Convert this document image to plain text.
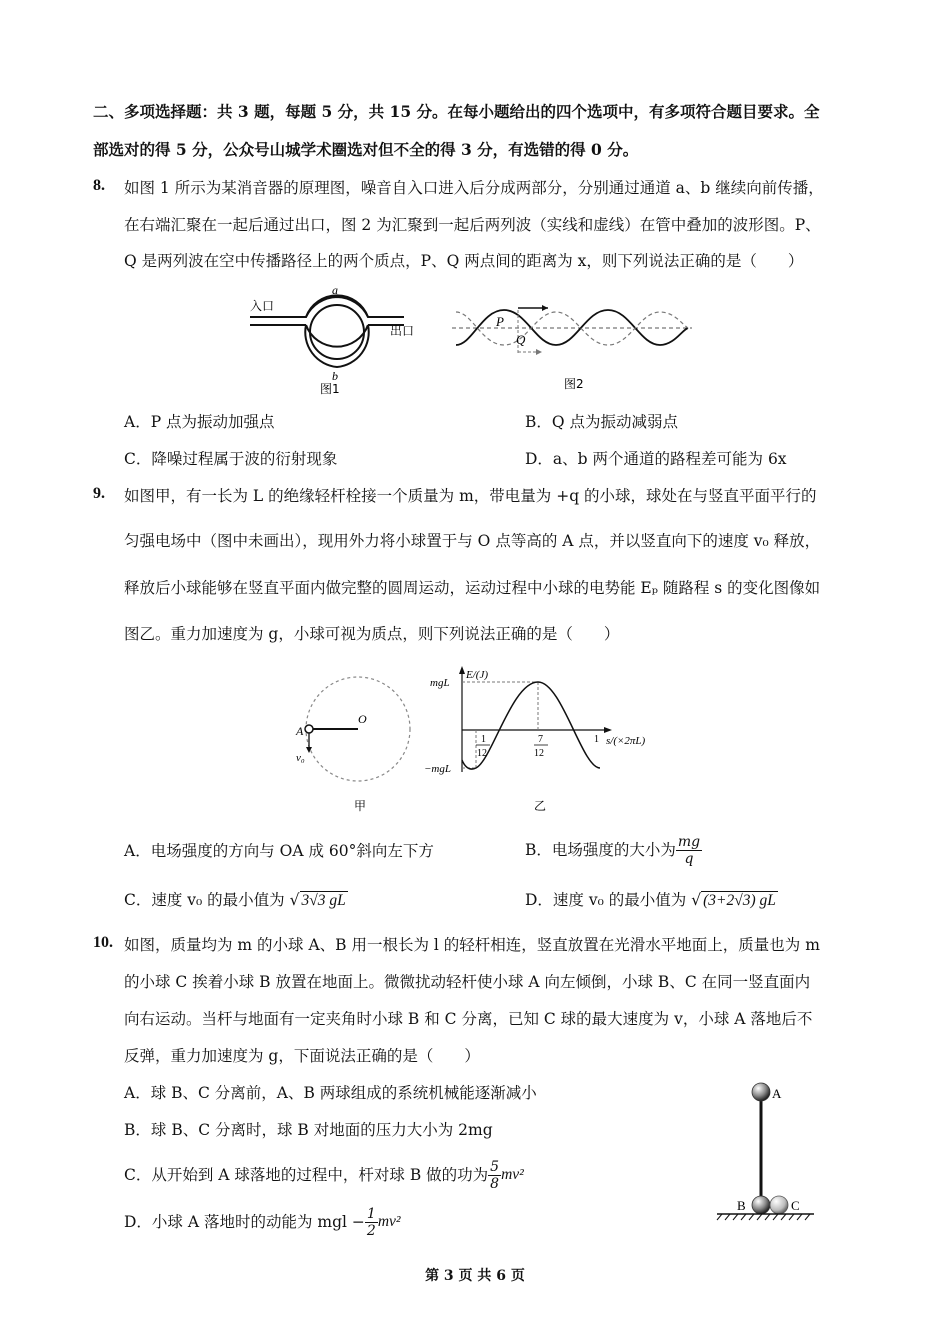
二、多项选择题：共 3 题，每题 5 分，共 15 分。在每小题给出的四个选项中，有多项符合题目要求。全
部选对的得 5 分，公众号山城学术圈选对但不全的得 3 分，有选错的得 0 分。
8. 如图 1 所示为某消音器的原理图，噪音自入口进入后分成两部分，分别通过通道 a、b 继续向前传播，
在右端汇聚在一起后通过出口，图 2 为汇聚到一起后两列波（实线和虚线）在管中叠加的波形图。P、
Q 是两列波在空中传播路径上的两个质点，P、Q 两点间的距离为 x，则下列说法正确的是（　　）
入口
出口
a
b
图1
P
Q
图2
A．P 点为振动加强点	B．Q 点为振动减弱点
C．降噪过程属于波的衍射现象	D．a、b 两个通道的路程差可能为 6x
9. 如图甲，有一长为 L 的绝缘轻杆栓接一个质量为 m，带电量为 +q 的小球，球处在与竖直平面平行的
匀强电场中（图中未画出），现用外力将小球置于与 O 点等高的 A 点，并以竖直向下的速度 v₀ 释放，
释放后小球能够在竖直平面内做完整的圆周运动，运动过程中小球的电势能 Eₚ 随路程 s 的变化图像如
图乙。重力加速度为 g，小球可视为质点，则下列说法正确的是（　　）
A
O
v₀
甲
E/(J)
mgL
−mgL
s/(×2πL)
1
12
7
12
1
乙
A．电场强度的方向与 OA 成 60°斜向左下方	B．电场强度的大小为 $\frac{mg}{q}$
C．速度 v₀ 的最小值为 √ 3√3 gL	D．速度 v₀ 的最小值为 √ (3+2√3) gL
10. 如图，质量均为 m 的小球 A、B 用一根长为 l 的轻杆相连，竖直放置在光滑水平地面上，质量也为 m
的小球 C 挨着小球 B 放置在地面上。微微扰动轻杆使小球 A 向左倾倒，小球 B、C 在同一竖直面内
向右运动。当杆与地面有一定夹角时小球 B 和 C 分离，已知 C 球的最大速度为 v，小球 A 落地后不
反弹，重力加速度为 g，下面说法正确的是（　　）
A．球 B、C 分离前，A、B 两球组成的系统机械能逐渐减小
B．球 B、C 分离时，球 B 对地面的压力大小为 2mg
C．从开始到 A 球落地的过程中，杆对球 B 做的功为 $\frac{5}{8} mv^2$
D．小球 A 落地时的动能为 mgl − $\frac{1}{2} mv^2$
A
B	C
第 3 页 共 6 页
